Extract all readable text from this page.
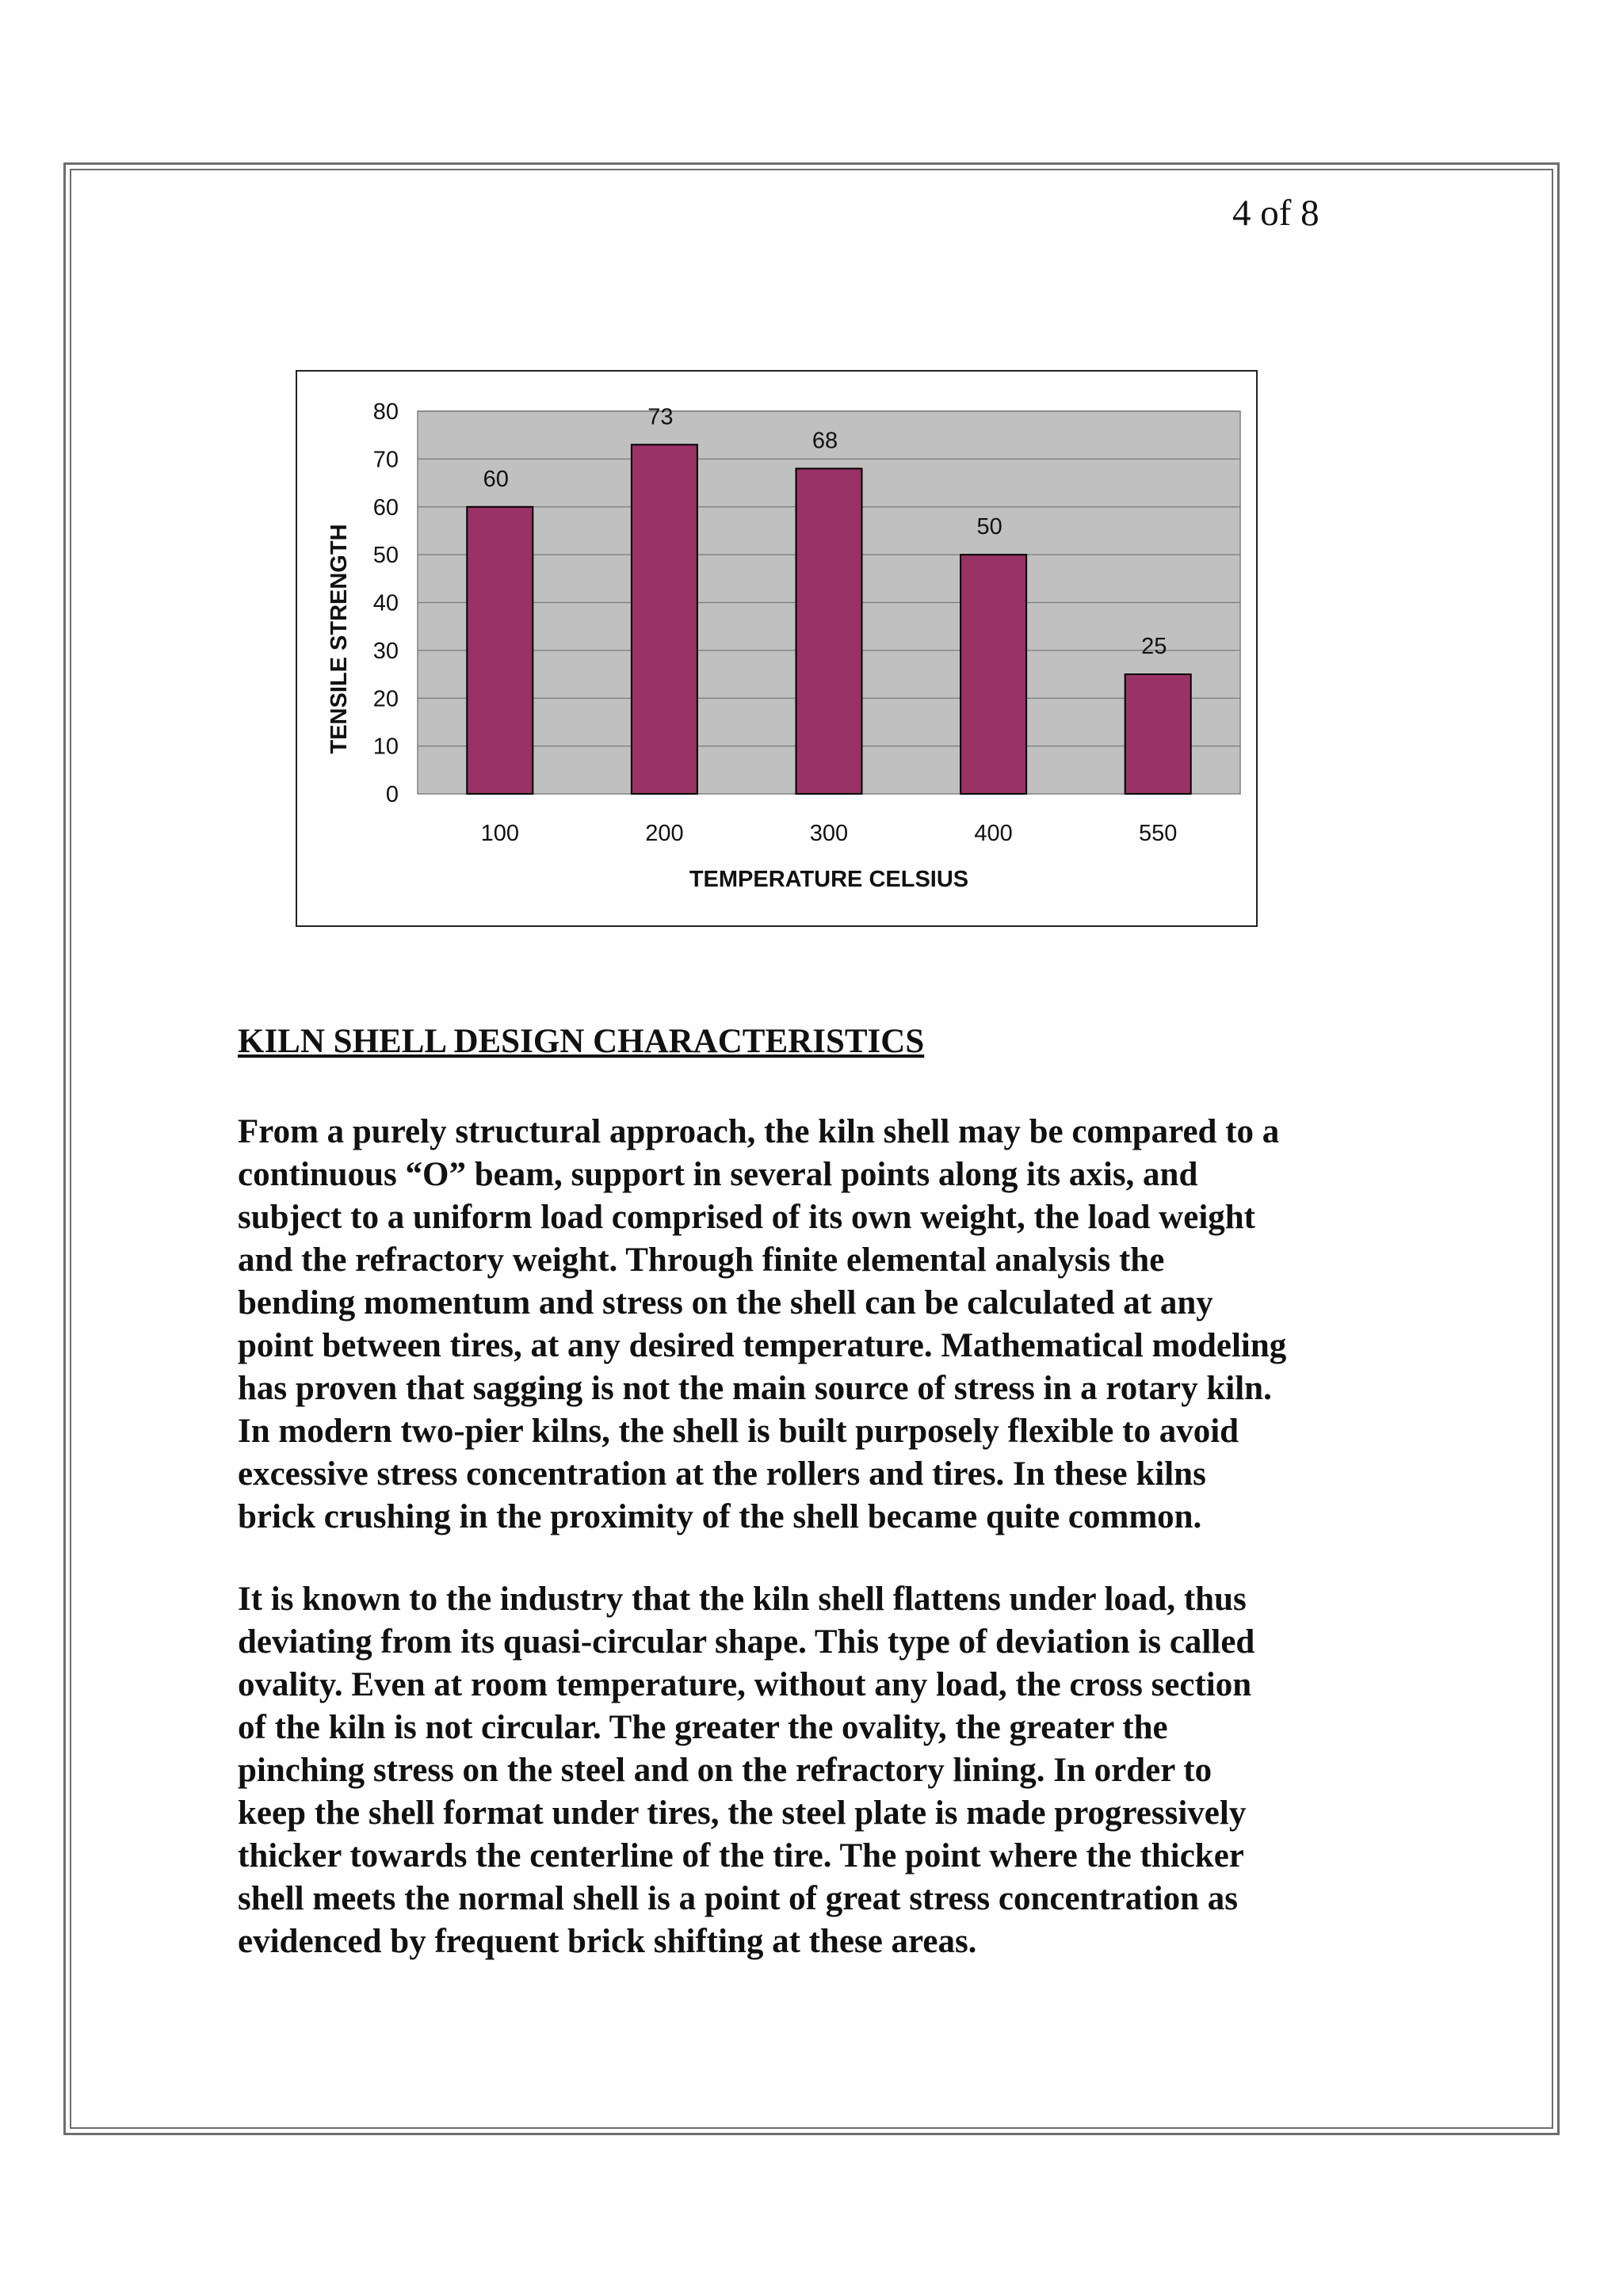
4 of 8
0
10
20
30
40
50
60
70
80
60
100
73
200
68
300
50
400
25
550
TEMPERATURE CELSIUS
TENSILE STRENGTH
KILN SHELL DESIGN CHARACTERISTICS
From a purely structural approach, the kiln shell may be compared to a
continuous “O” beam, support in several points along its axis, and
subject to a uniform load comprised of its own weight, the load weight
and the refractory weight. Through finite elemental analysis the
bending momentum and stress on the shell can be calculated at any
point between tires, at any desired temperature. Mathematical modeling
has proven that sagging is not the main source of stress in a rotary kiln.
In modern two-pier kilns, the shell is built purposely flexible to avoid
excessive stress concentration at the rollers and tires. In these kilns
brick crushing in the proximity of the shell became quite common.
It is known to the industry that the kiln shell flattens under load, thus
deviating from its quasi-circular shape. This type of deviation is called
ovality. Even at room temperature, without any load, the cross section
of the kiln is not circular. The greater the ovality, the greater the
pinching stress on the steel and on the refractory lining. In order to
keep the shell format under tires, the steel plate is made progressively
thicker towards the centerline of the tire. The point where the thicker
shell meets the normal shell is a point of great stress concentration as
evidenced by frequent brick shifting at these areas.
